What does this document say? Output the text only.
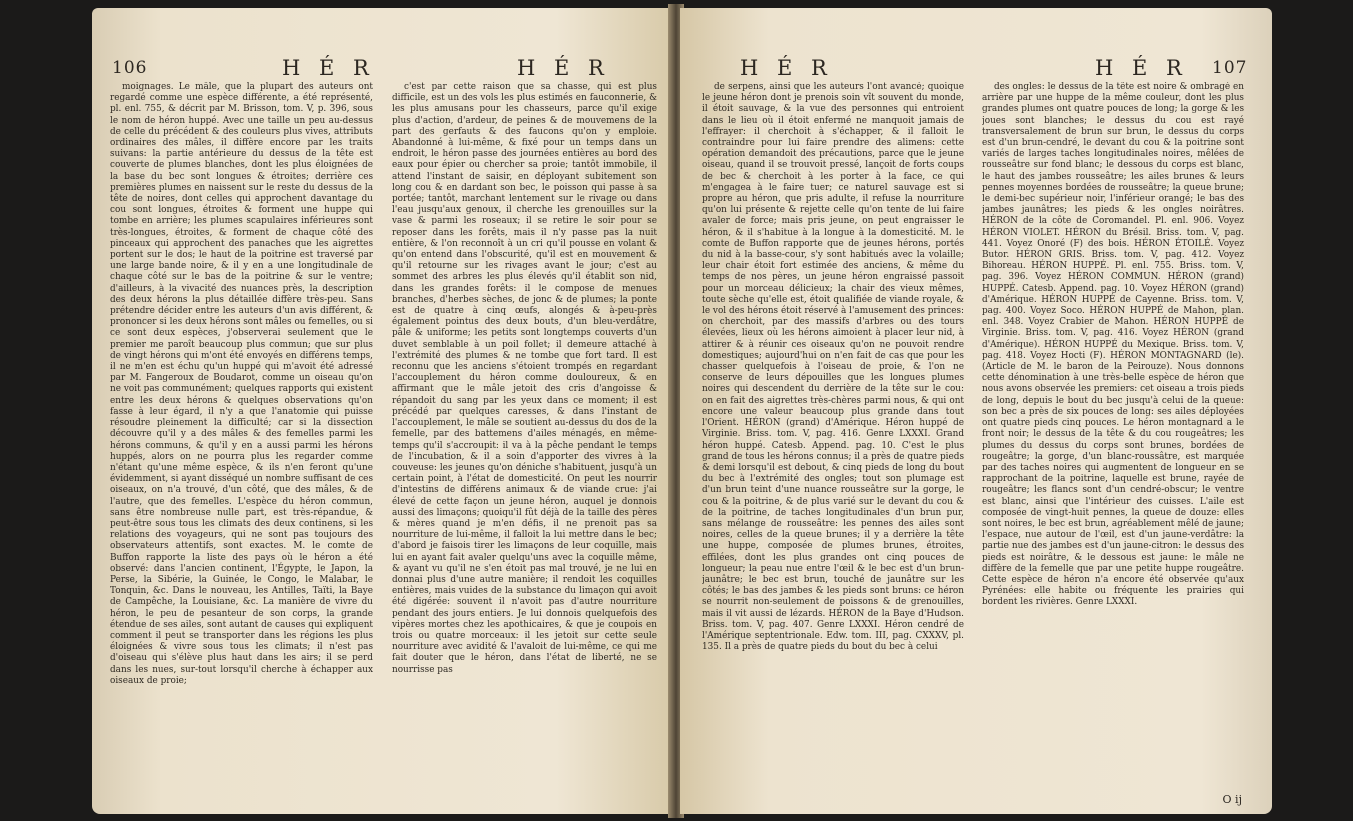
106	H É R	H É R

moignages. Le mâle, que la plupart des auteurs ont regardé comme une espèce différente, a été représenté, pl. enl. 755, & décrit par M. Brisson, tom. V, p. 396, sous le nom de héron huppé. Avec une taille un peu au-dessus de celle du précédent & des couleurs plus vives, attributs ordinaires des mâles, il diffère encore par les traits suivans: la partie antérieure du dessus de la tête est couverte de plumes blanches, dont les plus éloignées de la base du bec sont longues & étroites; derrière ces premières plumes en naissent sur le reste du dessus de la tête de noires, dont celles qui approchent davantage du cou sont longues, étroites & forment une huppe qui tombe en arrière; les plumes scapulaires inférieures sont très-longues, étroites, & forment de chaque côté des pinceaux qui approchent des panaches que les aigrettes portent sur le dos; le haut de la poitrine est traversé par une large bande noire, & il y en a une longitudinale de chaque côté sur le bas de la poitrine & sur le ventre; d'ailleurs, à la vivacité des nuances près, la description des deux hérons la plus détaillée diffère très-peu. Sans prétendre décider entre les auteurs d'un avis différent, & prononcer si les deux hérons sont mâles ou femelles, ou si ce sont deux espèces, j'observerai seulement que le premier me paroît beaucoup plus commun; que sur plus de vingt hérons qui m'ont été envoyés en différens temps, il ne m'en est échu qu'un huppé qui m'avoit été adressé par M. Fangeroux de Boudarot, comme un oiseau qu'on ne voit pas communément; quelques rapports qui existent entre les deux hérons & quelques observations qu'on fasse à leur égard, il n'y a que l'anatomie qui puisse résoudre pleinement la difficulté; car si la dissection découvre qu'il y a des mâles & des femelles parmi les hérons communs, & qu'il y en a aussi parmi les hérons huppés, alors on ne pourra plus les regarder comme n'étant qu'une même espèce, & ils n'en feront qu'une évidemment, si ayant disséqué un nombre suffisant de ces oiseaux, on n'a trouvé, d'un côté, que des mâles, & de l'autre, que des femelles. L'espèce du héron commun, sans être nombreuse nulle part, est très-répandue, & peut-être sous tous les climats des deux continens, si les relations des voyageurs, qui ne sont pas toujours des observateurs attentifs, sont exactes. M. le comte de Buffon rapporte la liste des pays où le héron a été observé: dans l'ancien continent, l'Égypte, le Japon, la Perse, la Sibérie, la Guinée, le Congo, le Malabar, le Tonquin, &c. Dans le nouveau, les Antilles, Taïti, la Baye de Campêche, la Louisiane, &c. La manière de vivre du héron, le peu de pesanteur de son corps, la grande étendue de ses ailes, sont autant de causes qui expliquent comment il peut se transporter dans les régions les plus éloignées & vivre sous tous les climats; il n'est pas d'oiseau qui s'élève plus haut dans les airs; il se perd dans les nues, sur-tout lorsqu'il cherche à échapper aux oiseaux de proie;

c'est par cette raison que sa chasse, qui est plus difficile, est un des vols les plus estimés en fauconnerie, & les plus amusans pour les chasseurs, parce qu'il exige plus d'action, d'ardeur, de peines & de mouvemens de la part des gerfauts & des faucons qu'on y emploie. Abandonné à lui-même, & fixé pour un temps dans un endroit, le héron passe des journées entières au bord des eaux pour épier ou chercher sa proie; tantôt immobile, il attend l'instant de saisir, en déployant subitement son long cou & en dardant son bec, le poisson qui passe à sa portée; tantôt, marchant lentement sur le rivage ou dans l'eau jusqu'aux genoux, il cherche les grenouilles sur la vase & parmi les roseaux; il se retire le soir pour se reposer dans les forêts, mais il n'y passe pas la nuit entière, & l'on reconnoît à un cri qu'il pousse en volant & qu'on entend dans l'obscurité, qu'il est en mouvement & qu'il retourne sur les rivages avant le jour; c'est au sommet des arbres les plus élevés qu'il établit son nid, dans les grandes forêts: il le compose de menues branches, d'herbes sèches, de jonc & de plumes; la ponte est de quatre à cinq œufs, alongés & à-peu-près également pointus des deux bouts, d'un bleu-verdâtre, pâle & uniforme; les petits sont longtemps couverts d'un duvet semblable à un poil follet; il demeure attaché à l'extrémité des plumes & ne tombe que fort tard. Il est reconnu que les anciens s'étoient trompés en regardant l'accouplement du héron comme douloureux, & en affirmant que le mâle jetoit des cris d'angoisse & répandoit du sang par les yeux dans ce moment; il est précédé par quelques caresses, & dans l'instant de l'accouplement, le mâle se soutient au-dessus du dos de la femelle, par des battemens d'ailes ménagés, en même-temps qu'il s'accroupit: il va à la pêche pendant le temps de l'incubation, & il a soin d'apporter des vivres à la couveuse: les jeunes qu'on déniche s'habituent, jusqu'à un certain point, à l'état de domesticité. On peut les nourrir d'intestins de différens animaux & de viande crue: j'ai élevé de cette façon un jeune héron, auquel je donnois aussi des limaçons; quoiqu'il fût déjà de la taille des pères & mères quand je m'en défis, il ne prenoit pas sa nourriture de lui-même, il falloit la lui mettre dans le bec; d'abord je faisois tirer les limaçons de leur coquille, mais lui en ayant fait avaler quelqu'uns avec la coquille même, & ayant vu qu'il ne s'en étoit pas mal trouvé, je ne lui en donnai plus d'une autre manière; il rendoit les coquilles entières, mais vuides de la substance du limaçon qui avoit été digérée: souvent il n'avoit pas d'autre nourriture pendant des jours entiers. Je lui donnois quelquefois des vipères mortes chez les apothicaires, & que je coupois en trois ou quatre morceaux: il les jetoit sur cette seule nourriture avec avidité & l'avaloit de lui-même, ce qui me fait douter que le héron, dans l'état de liberté, ne se nourrisse pas

H É R	H É R 107

de serpens, ainsi que les auteurs l'ont avancé; quoique le jeune héron dont je prenois soin vît souvent du monde, il étoit sauvage, & la vue des personnes qui entroient dans le lieu où il étoit enfermé ne manquoit jamais de l'effrayer: il cherchoit à s'échapper, & il falloit le contraindre pour lui faire prendre des alimens: cette opération demandoit des précautions, parce que le jeune oiseau, quand il se trouvoit pressé, lançoit de forts coups de bec & cherchoit à les porter à la face, ce qui m'engagea à le faire tuer; ce naturel sauvage est si propre au héron, que pris adulte, il refuse la nourriture qu'on lui présente & rejette celle qu'on tente de lui faire avaler de force; mais pris jeune, on peut engraisser le héron, & il s'habitue à la longue à la domesticité. M. le comte de Buffon rapporte que de jeunes hérons, portés du nid à la basse-cour, s'y sont habitués avec la volaille; leur chair étoit fort estimée des anciens, & même du temps de nos pères, un jeune héron engraissé passoit pour un morceau délicieux; la chair des vieux mêmes, toute sèche qu'elle est, étoit qualifiée de viande royale, & le vol des hérons étoit réservé à l'amusement des princes: on cherchoit, par des massifs d'arbres ou des tours élevées, lieux où les hérons aimoient à placer leur nid, à attirer & à réunir ces oiseaux qu'on ne pouvoit rendre domestiques; aujourd'hui on n'en fait de cas que pour les chasser quelquefois à l'oiseau de proie, & l'on ne conserve de leurs dépouilles que les longues plumes noires qui descendent du derrière de la tête sur le cou: on en fait des aigrettes très-chères parmi nous, & qui ont encore une valeur beaucoup plus grande dans tout l'Orient. HÉRON (grand) d'Amérique. Héron huppé de Virginie. Briss. tom. V, pag. 416. Genre LXXXI. Grand héron huppé. Catesb. Append. pag. 10. C'est le plus grand de tous les hérons connus; il a près de quatre pieds & demi lorsqu'il est debout, & cinq pieds de long du bout du bec à l'extrémité des ongles; tout son plumage est d'un brun teint d'une nuance rousseâtre sur la gorge, le cou & la poitrine, & de plus varié sur le devant du cou & de la poitrine, de taches longitudinales d'un brun pur, sans mélange de rousseâtre: les pennes des ailes sont noires, celles de la queue brunes; il y a derrière la tête une huppe, composée de plumes brunes, étroites, effilées, dont les plus grandes ont cinq pouces de longueur; la peau nue entre l'œil & le bec est d'un brun-jaunâtre; le bec est brun, touché de jaunâtre sur les côtés; le bas des jambes & les pieds sont bruns: ce héron se nourrit non-seulement de poissons & de grenouilles, mais il vit aussi de lézards. HÉRON de la Baye d'Hudson. Briss. tom. V, pag. 407. Genre LXXXI. Héron cendré de l'Amérique septentrionale. Edw. tom. III, pag. CXXXV, pl. 135. Il a près de quatre pieds du bout du bec à celui

des ongles: le dessus de la tête est noire & ombragé en arrière par une huppe de la même couleur, dont les plus grandes plumes ont quatre pouces de long; la gorge & les joues sont blanches; le dessus du cou est rayé transversalement de brun sur brun, le dessus du corps est d'un brun-cendré, le devant du cou & la poitrine sont variés de larges taches longitudinales noires, mêlées de rousseâtre sur fond blanc; le dessous du corps est blanc, le haut des jambes rousseâtre; les ailes brunes & leurs pennes moyennes bordées de rousseâtre; la queue brune; le demi-bec supérieur noir, l'inférieur orangé; le bas des jambes jaunâtres; les pieds & les ongles noirâtres. HÉRON de la côte de Coromandel. Pl. enl. 906. Voyez HÉRON VIOLET. HÉRON du Brésil. Briss. tom. V, pag. 441. Voyez Onoré (F) des bois. HÉRON ÉTOILÉ. Voyez Butor. HÉRON GRIS. Briss. tom. V, pag. 412. Voyez Bihoreau. HÉRON HUPPÉ. Pl. enl. 755. Briss. tom. V, pag. 396. Voyez HÉRON COMMUN. HÉRON (grand) HUPPÉ. Catesb. Append. pag. 10. Voyez HÉRON (grand) d'Amérique. HÉRON HUPPÉ de Cayenne. Briss. tom. V, pag. 400. Voyez Soco. HÉRON HUPPÉ de Mahon, plan. enl. 348. Voyez Crabier de Mahon. HÉRON HUPPÉ de Virginie. Briss. tom. V, pag. 416. Voyez HÉRON (grand d'Amérique). HÉRON HUPPÉ du Mexique. Briss. tom. V, pag. 418. Voyez Hocti (F). HÉRON MONTAGNARD (le). (Article de M. le baron de la Peirouze). Nous donnons cette dénomination à une très-belle espèce de héron que nous avons observée les premiers: cet oiseau a trois pieds de long, depuis le bout du bec jusqu'à celui de la queue: son bec a près de six pouces de long: ses ailes déployées ont quatre pieds cinq pouces. Le héron montagnard a le front noir; le dessus de la tête & du cou rougeâtres; les plumes du dessus du corps sont brunes, bordées de rougeâtre; la gorge, d'un blanc-roussâtre, est marquée par des taches noires qui augmentent de longueur en se rapprochant de la poitrine, laquelle est brune, rayée de rougeâtre; les flancs sont d'un cendré-obscur; le ventre est blanc, ainsi que l'intérieur des cuisses. L'aile est composée de vingt-huit pennes, la queue de douze: elles sont noires, le bec est brun, agréablement mêlé de jaune; l'espace, nue autour de l'œil, est d'un jaune-verdâtre: la partie nue des jambes est d'un jaune-citron: le dessus des pieds est noirâtre, & le dessous est jaune: le mâle ne diffère de la femelle que par une petite huppe rougeâtre. Cette espèce de héron n'a encore été observée qu'aux Pyrénées: elle habite ou fréquente les prairies qui bordent les rivières. Genre LXXXI.

O ij
